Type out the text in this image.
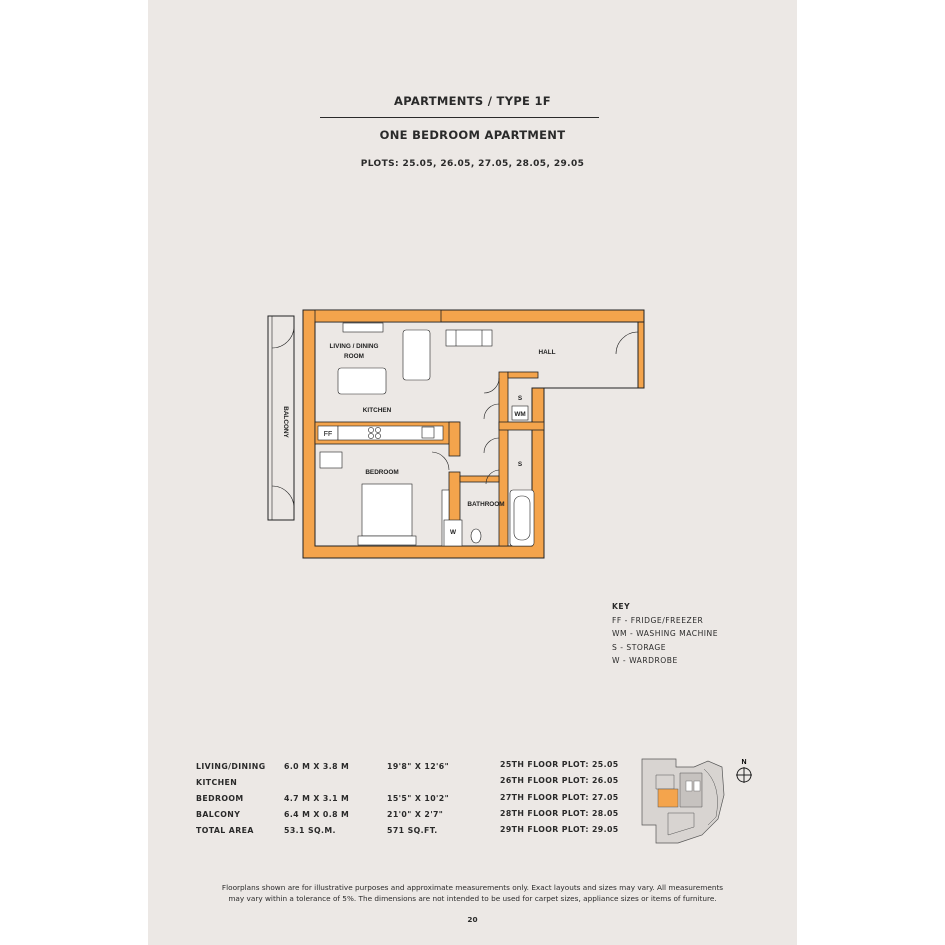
APARTMENTS / TYPE 1F
ONE BEDROOM APARTMENT
PLOTS: 25.05, 26.05, 27.05, 28.05, 29.05
FF
LIVING / DINING
ROOM
HALL
KITCHEN
BEDROOM
BATHROOM
S
WM
S
W
BALCONY
KEY
FF - FRIDGE/FREEZER
WM - WASHING MACHINE
S - STORAGE
W - WARDROBE
LIVING/DINING	6.0 M X 3.8 M	19'8" X 12'6"
KITCHEN		
BEDROOM	4.7 M X 3.1 M	15'5" X 10'2"
BALCONY	6.4 M X 0.8 M	21'0" X 2'7"
TOTAL AREA	53.1 SQ.M.	571 SQ.FT.
25TH FLOOR PLOT: 25.05
26TH FLOOR PLOT: 26.05
27TH FLOOR PLOT: 27.05
28TH FLOOR PLOT: 28.05
29TH FLOOR PLOT: 29.05
N
Floorplans shown are for illustrative purposes and approximate measurements only. Exact layouts and sizes may vary. All measurements
may vary within a tolerance of 5%. The dimensions are not intended to be used for carpet sizes, appliance sizes or items of furniture.
20
